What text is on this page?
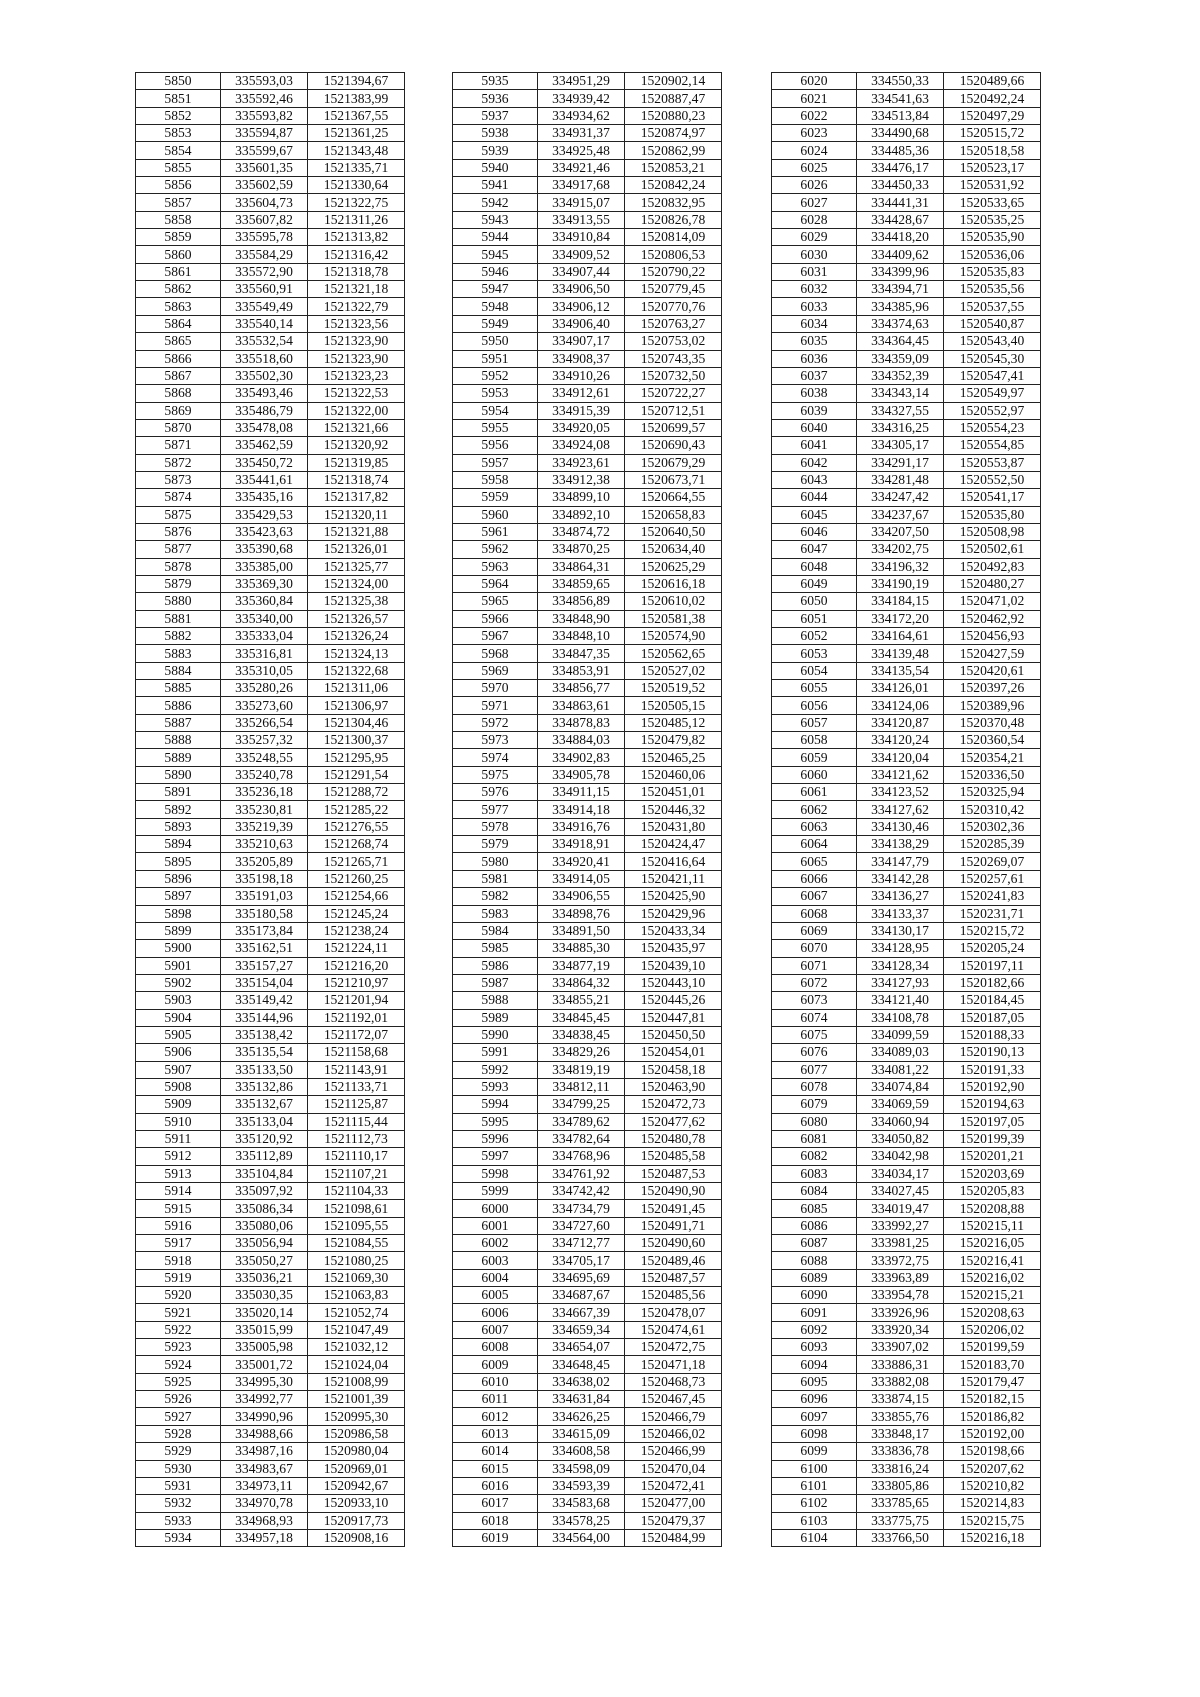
5850	335593,03	1521394,67
5851	335592,46	1521383,99
5852	335593,82	1521367,55
5853	335594,87	1521361,25
5854	335599,67	1521343,48
5855	335601,35	1521335,71
5856	335602,59	1521330,64
5857	335604,73	1521322,75
5858	335607,82	1521311,26
5859	335595,78	1521313,82
5860	335584,29	1521316,42
5861	335572,90	1521318,78
5862	335560,91	1521321,18
5863	335549,49	1521322,79
5864	335540,14	1521323,56
5865	335532,54	1521323,90
5866	335518,60	1521323,90
5867	335502,30	1521323,23
5868	335493,46	1521322,53
5869	335486,79	1521322,00
5870	335478,08	1521321,66
5871	335462,59	1521320,92
5872	335450,72	1521319,85
5873	335441,61	1521318,74
5874	335435,16	1521317,82
5875	335429,53	1521320,11
5876	335423,63	1521321,88
5877	335390,68	1521326,01
5878	335385,00	1521325,77
5879	335369,30	1521324,00
5880	335360,84	1521325,38
5881	335340,00	1521326,57
5882	335333,04	1521326,24
5883	335316,81	1521324,13
5884	335310,05	1521322,68
5885	335280,26	1521311,06
5886	335273,60	1521306,97
5887	335266,54	1521304,46
5888	335257,32	1521300,37
5889	335248,55	1521295,95
5890	335240,78	1521291,54
5891	335236,18	1521288,72
5892	335230,81	1521285,22
5893	335219,39	1521276,55
5894	335210,63	1521268,74
5895	335205,89	1521265,71
5896	335198,18	1521260,25
5897	335191,03	1521254,66
5898	335180,58	1521245,24
5899	335173,84	1521238,24
5900	335162,51	1521224,11
5901	335157,27	1521216,20
5902	335154,04	1521210,97
5903	335149,42	1521201,94
5904	335144,96	1521192,01
5905	335138,42	1521172,07
5906	335135,54	1521158,68
5907	335133,50	1521143,91
5908	335132,86	1521133,71
5909	335132,67	1521125,87
5910	335133,04	1521115,44
5911	335120,92	1521112,73
5912	335112,89	1521110,17
5913	335104,84	1521107,21
5914	335097,92	1521104,33
5915	335086,34	1521098,61
5916	335080,06	1521095,55
5917	335056,94	1521084,55
5918	335050,27	1521080,25
5919	335036,21	1521069,30
5920	335030,35	1521063,83
5921	335020,14	1521052,74
5922	335015,99	1521047,49
5923	335005,98	1521032,12
5924	335001,72	1521024,04
5925	334995,30	1521008,99
5926	334992,77	1521001,39
5927	334990,96	1520995,30
5928	334988,66	1520986,58
5929	334987,16	1520980,04
5930	334983,67	1520969,01
5931	334973,11	1520942,67
5932	334970,78	1520933,10
5933	334968,93	1520917,73
5934	334957,18	1520908,16
5935	334951,29	1520902,14
5936	334939,42	1520887,47
5937	334934,62	1520880,23
5938	334931,37	1520874,97
5939	334925,48	1520862,99
5940	334921,46	1520853,21
5941	334917,68	1520842,24
5942	334915,07	1520832,95
5943	334913,55	1520826,78
5944	334910,84	1520814,09
5945	334909,52	1520806,53
5946	334907,44	1520790,22
5947	334906,50	1520779,45
5948	334906,12	1520770,76
5949	334906,40	1520763,27
5950	334907,17	1520753,02
5951	334908,37	1520743,35
5952	334910,26	1520732,50
5953	334912,61	1520722,27
5954	334915,39	1520712,51
5955	334920,05	1520699,57
5956	334924,08	1520690,43
5957	334923,61	1520679,29
5958	334912,38	1520673,71
5959	334899,10	1520664,55
5960	334892,10	1520658,83
5961	334874,72	1520640,50
5962	334870,25	1520634,40
5963	334864,31	1520625,29
5964	334859,65	1520616,18
5965	334856,89	1520610,02
5966	334848,90	1520581,38
5967	334848,10	1520574,90
5968	334847,35	1520562,65
5969	334853,91	1520527,02
5970	334856,77	1520519,52
5971	334863,61	1520505,15
5972	334878,83	1520485,12
5973	334884,03	1520479,82
5974	334902,83	1520465,25
5975	334905,78	1520460,06
5976	334911,15	1520451,01
5977	334914,18	1520446,32
5978	334916,76	1520431,80
5979	334918,91	1520424,47
5980	334920,41	1520416,64
5981	334914,05	1520421,11
5982	334906,55	1520425,90
5983	334898,76	1520429,96
5984	334891,50	1520433,34
5985	334885,30	1520435,97
5986	334877,19	1520439,10
5987	334864,32	1520443,10
5988	334855,21	1520445,26
5989	334845,45	1520447,81
5990	334838,45	1520450,50
5991	334829,26	1520454,01
5992	334819,19	1520458,18
5993	334812,11	1520463,90
5994	334799,25	1520472,73
5995	334789,62	1520477,62
5996	334782,64	1520480,78
5997	334768,96	1520485,58
5998	334761,92	1520487,53
5999	334742,42	1520490,90
6000	334734,79	1520491,45
6001	334727,60	1520491,71
6002	334712,77	1520490,60
6003	334705,17	1520489,46
6004	334695,69	1520487,57
6005	334687,67	1520485,56
6006	334667,39	1520478,07
6007	334659,34	1520474,61
6008	334654,07	1520472,75
6009	334648,45	1520471,18
6010	334638,02	1520468,73
6011	334631,84	1520467,45
6012	334626,25	1520466,79
6013	334615,09	1520466,02
6014	334608,58	1520466,99
6015	334598,09	1520470,04
6016	334593,39	1520472,41
6017	334583,68	1520477,00
6018	334578,25	1520479,37
6019	334564,00	1520484,99
6020	334550,33	1520489,66
6021	334541,63	1520492,24
6022	334513,84	1520497,29
6023	334490,68	1520515,72
6024	334485,36	1520518,58
6025	334476,17	1520523,17
6026	334450,33	1520531,92
6027	334441,31	1520533,65
6028	334428,67	1520535,25
6029	334418,20	1520535,90
6030	334409,62	1520536,06
6031	334399,96	1520535,83
6032	334394,71	1520535,56
6033	334385,96	1520537,55
6034	334374,63	1520540,87
6035	334364,45	1520543,40
6036	334359,09	1520545,30
6037	334352,39	1520547,41
6038	334343,14	1520549,97
6039	334327,55	1520552,97
6040	334316,25	1520554,23
6041	334305,17	1520554,85
6042	334291,17	1520553,87
6043	334281,48	1520552,50
6044	334247,42	1520541,17
6045	334237,67	1520535,80
6046	334207,50	1520508,98
6047	334202,75	1520502,61
6048	334196,32	1520492,83
6049	334190,19	1520480,27
6050	334184,15	1520471,02
6051	334172,20	1520462,92
6052	334164,61	1520456,93
6053	334139,48	1520427,59
6054	334135,54	1520420,61
6055	334126,01	1520397,26
6056	334124,06	1520389,96
6057	334120,87	1520370,48
6058	334120,24	1520360,54
6059	334120,04	1520354,21
6060	334121,62	1520336,50
6061	334123,52	1520325,94
6062	334127,62	1520310,42
6063	334130,46	1520302,36
6064	334138,29	1520285,39
6065	334147,79	1520269,07
6066	334142,28	1520257,61
6067	334136,27	1520241,83
6068	334133,37	1520231,71
6069	334130,17	1520215,72
6070	334128,95	1520205,24
6071	334128,34	1520197,11
6072	334127,93	1520182,66
6073	334121,40	1520184,45
6074	334108,78	1520187,05
6075	334099,59	1520188,33
6076	334089,03	1520190,13
6077	334081,22	1520191,33
6078	334074,84	1520192,90
6079	334069,59	1520194,63
6080	334060,94	1520197,05
6081	334050,82	1520199,39
6082	334042,98	1520201,21
6083	334034,17	1520203,69
6084	334027,45	1520205,83
6085	334019,47	1520208,88
6086	333992,27	1520215,11
6087	333981,25	1520216,05
6088	333972,75	1520216,41
6089	333963,89	1520216,02
6090	333954,78	1520215,21
6091	333926,96	1520208,63
6092	333920,34	1520206,02
6093	333907,02	1520199,59
6094	333886,31	1520183,70
6095	333882,08	1520179,47
6096	333874,15	1520182,15
6097	333855,76	1520186,82
6098	333848,17	1520192,00
6099	333836,78	1520198,66
6100	333816,24	1520207,62
6101	333805,86	1520210,82
6102	333785,65	1520214,83
6103	333775,75	1520215,75
6104	333766,50	1520216,18
